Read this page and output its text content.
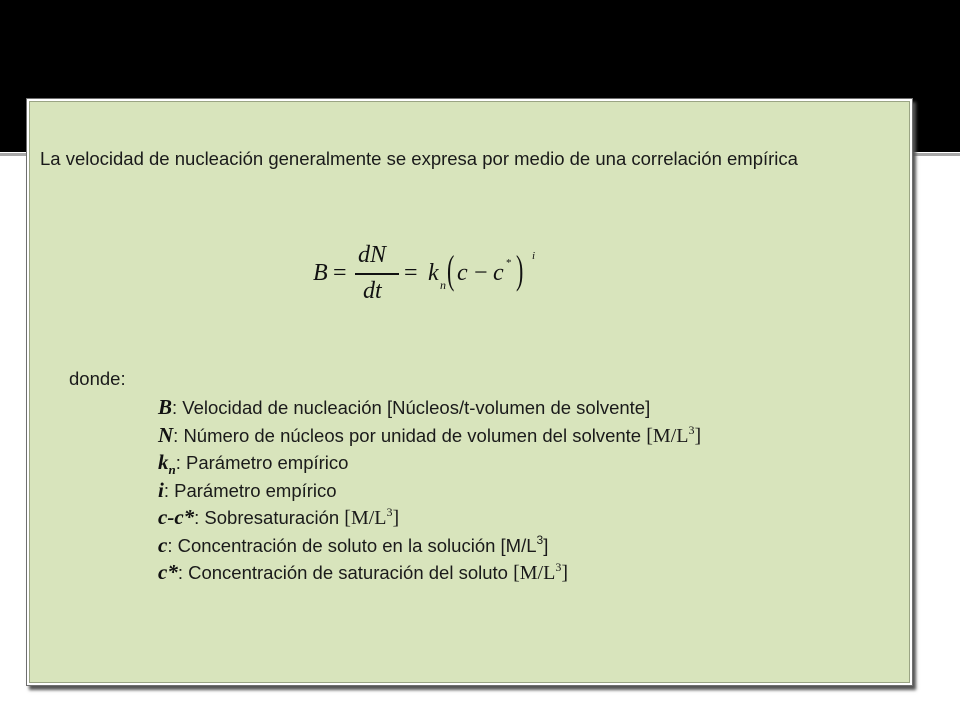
La velocidad de nucleación generalmente se expresa por medio de una correlación empírica
B =
dN
dt
= k n ( c − c * ) i
donde:
B: Velocidad de nucleación [Núcleos/t-volumen de solvente]
N: Número de núcleos por unidad de volumen del solvente $[M/L^3]$
$k_n$: Parámetro empírico
i: Parámetro empírico
c-c*: Sobresaturación $[M/L^3]$
c: Concentración de soluto en la solución $[M/L^3]$
c*: Concentración de saturación del soluto $[M/L^3]$
